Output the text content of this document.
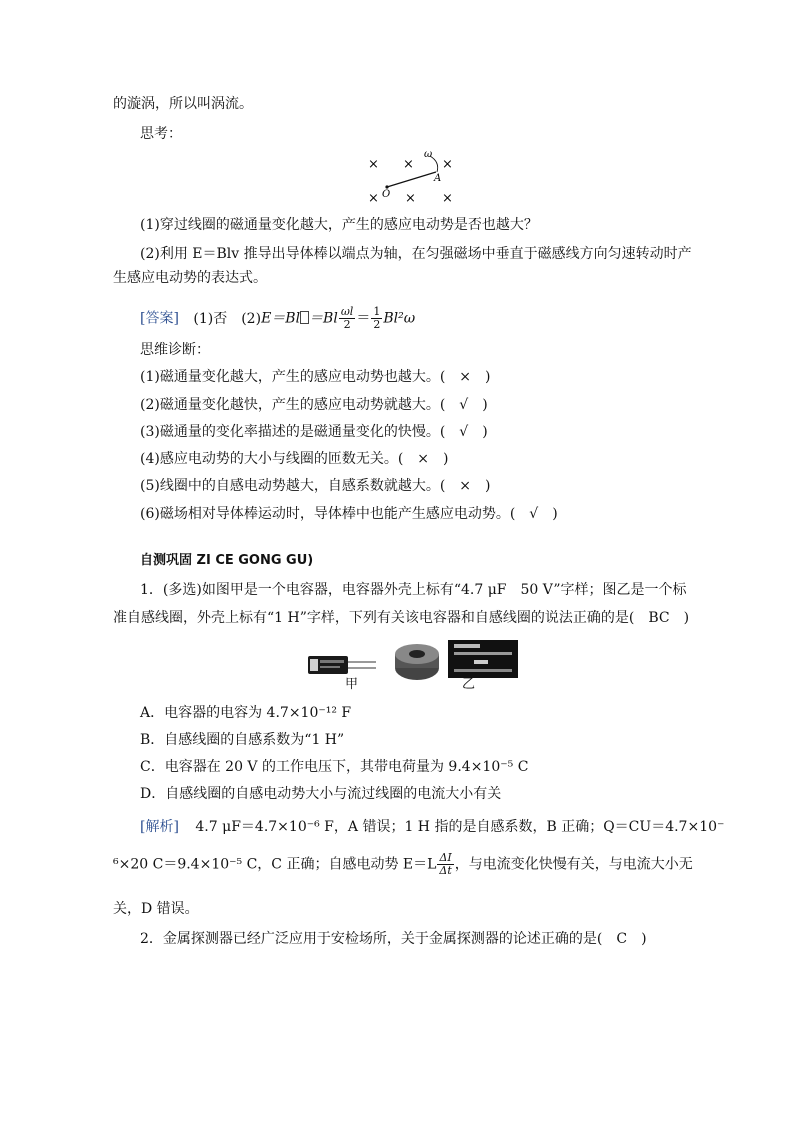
的漩涡，所以叫涡流。
思考：
× × ×
× × ×
ω
O
A
(1)穿过线圈的磁通量变化越大，产生的感应电动势是否也越大？
(2)利用 E＝Blv 推导出导体棒以端点为轴，在匀强磁场中垂直于磁感线方向匀速转动时产
生感应电动势的表达式。
[答案] (1)否　$(2)E=Bl =Bl \frac{\omega l}{2} = \frac{1}{2} Bl^2\omega$
思维诊断：
(1)磁通量变化越大，产生的感应电动势也越大。(　×　)
(2)磁通量变化越快，产生的感应电动势就越大。(　√　)
(3)磁通量的变化率描述的是磁通量变化的快慢。(　√　)
(4)感应电动势的大小与线圈的匝数无关。(　×　)
(5)线圈中的自感电动势越大，自感系数就越大。(　×　)
(6)磁场相对导体棒运动时，导体棒中也能产生感应电动势。(　√　)
自测巩固 ZI CE GONG GU)
1．(多选)如图甲是一个电容器，电容器外壳上标有“4.7 μF　50 V”字样；图乙是一个标
准自感线圈，外壳上标有“1 H”字样，下列有关该电容器和自感线圈的说法正确的是(　BC　)
甲	乙
A．电容器的电容为 4.7×10⁻¹² F
B．自感线圈的自感系数为“1 H”
C．电容器在 20 V 的工作电压下，其带电荷量为 9.4×10⁻⁵ C
D．自感线圈的自感电动势大小与流过线圈的电流大小有关
[解析] 4.7 μF＝4.7×10⁻⁶ F，A 错误；1 H 指的是自感系数，B 正确；Q＝CU＝4.7×10⁻
⁶×20 C＝9.4×10⁻⁵ C，C 正确；自感电动势 $E=L \frac{\Delta I}{\Delta t}$ ，与电流变化快慢有关，与电流大小无
关，D 错误。
2．金属探测器已经广泛应用于安检场所，关于金属探测器的论述正确的是(　C　)
